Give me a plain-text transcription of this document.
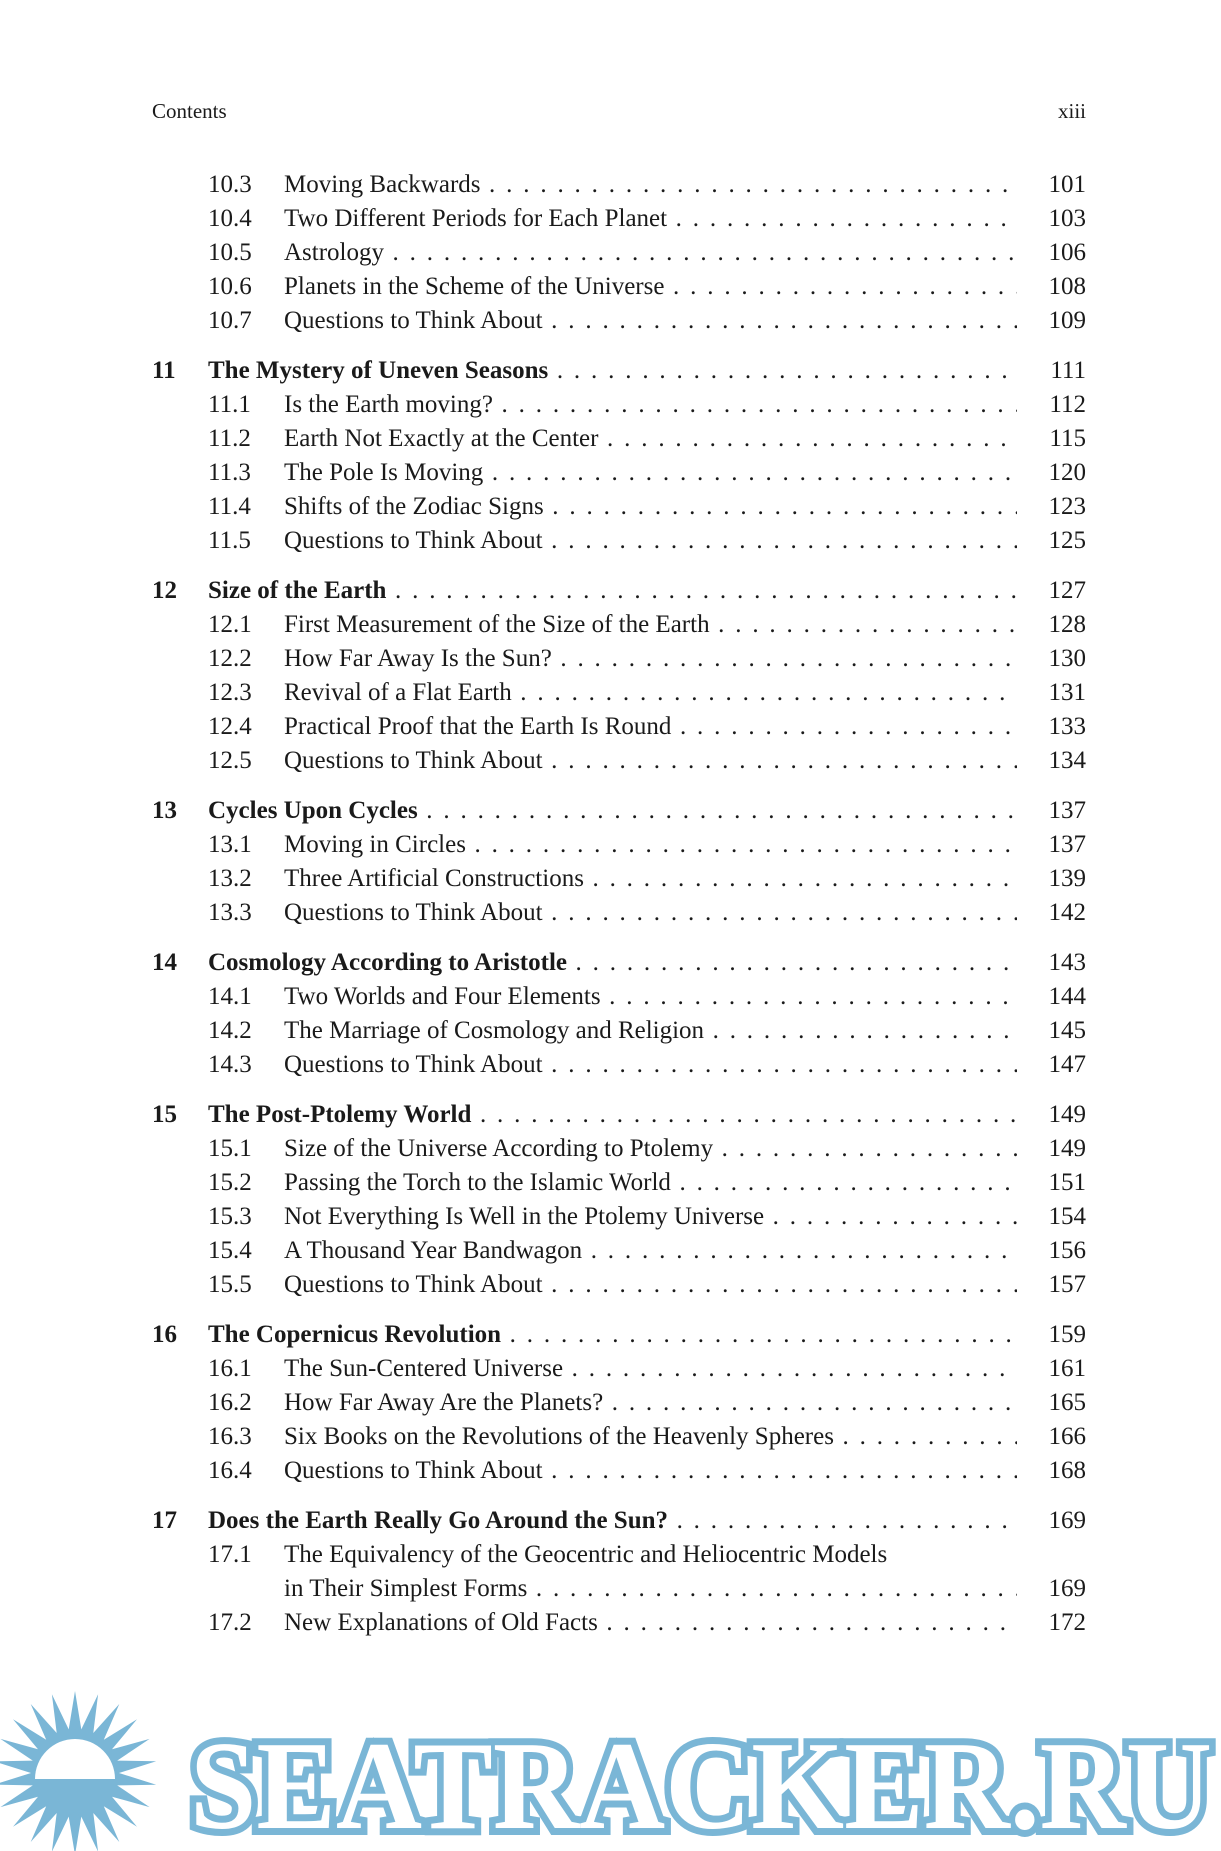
Contents	xiii
10.3 Moving Backwards . . .	101
10.4 Two Different Periods for Each Planet . . .	103
10.5 Astrology . . .	106
10.6 Planets in the Scheme of the Universe . . .	108
10.7 Questions to Think About . . .	109
11 The Mystery of Uneven Seasons . . .	111
11.1 Is the Earth moving? . . .	112
11.2 Earth Not Exactly at the Center . . .	115
11.3 The Pole Is Moving . . .	120
11.4 Shifts of the Zodiac Signs . . .	123
11.5 Questions to Think About . . .	125
12 Size of the Earth . . .	127
12.1 First Measurement of the Size of the Earth . . .	128
12.2 How Far Away Is the Sun? . . .	130
12.3 Revival of a Flat Earth . . .	131
12.4 Practical Proof that the Earth Is Round . . .	133
12.5 Questions to Think About . . .	134
13 Cycles Upon Cycles . . .	137
13.1 Moving in Circles . . .	137
13.2 Three Artificial Constructions . . .	139
13.3 Questions to Think About . . .	142
14 Cosmology According to Aristotle . . .	143
14.1 Two Worlds and Four Elements . . .	144
14.2 The Marriage of Cosmology and Religion . . .	145
14.3 Questions to Think About . . .	147
15 The Post-Ptolemy World . . .	149
15.1 Size of the Universe According to Ptolemy . . .	149
15.2 Passing the Torch to the Islamic World . . .	151
15.3 Not Everything Is Well in the Ptolemy Universe . . .	154
15.4 A Thousand Year Bandwagon . . .	156
15.5 Questions to Think About . . .	157
16 The Copernicus Revolution . . .	159
16.1 The Sun-Centered Universe . . .	161
16.2 How Far Away Are the Planets? . . .	165
16.3 Six Books on the Revolutions of the Heavenly Spheres . . .	166
16.4 Questions to Think About . . .	168
17 Does the Earth Really Go Around the Sun? . . .	169
17.1 The Equivalency of the Geocentric and Heliocentric Models
in Their Simplest Forms . . .	169
17.2 New Explanations of Old Facts . . .	172
SEATRACKER.RU
